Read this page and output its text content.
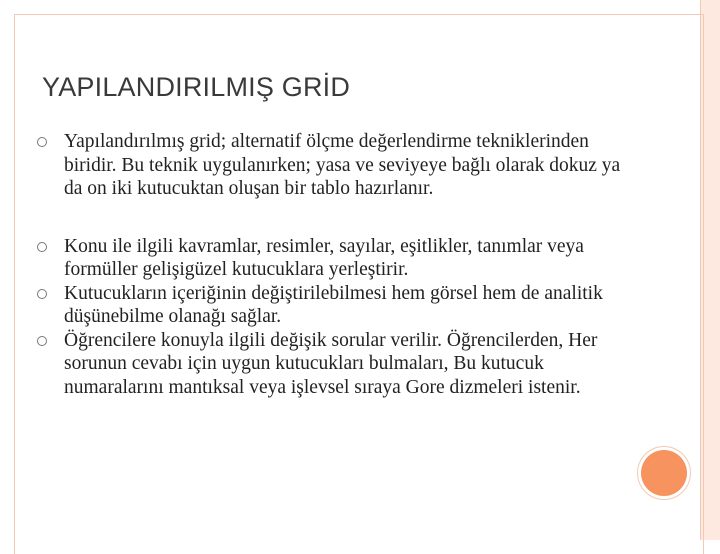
YAPILANDIRILMIŞ GRİD
Yapılandırılmış grid; alternatif ölçme değerlendirme tekniklerinden biridir. Bu teknik uygulanırken; yasa ve seviyeye bağlı olarak dokuz ya da on iki kutucuktan oluşan bir tablo hazırlanır.
Konu ile ilgili kavramlar, resimler, sayılar, eşitlikler, tanımlar veya formüller gelişigüzel kutucuklara yerleştirir.
Kutucukların içeriğinin değiştirilebilmesi hem görsel hem de analitik düşünebilme olanağı sağlar.
Öğrencilere konuyla ilgili değişik sorular verilir. Öğrencilerden, Her sorunun cevabı için uygun kutucukları bulmaları, Bu kutucuk numaralarını mantıksal veya işlevsel sıraya Gore dizmeleri istenir.
